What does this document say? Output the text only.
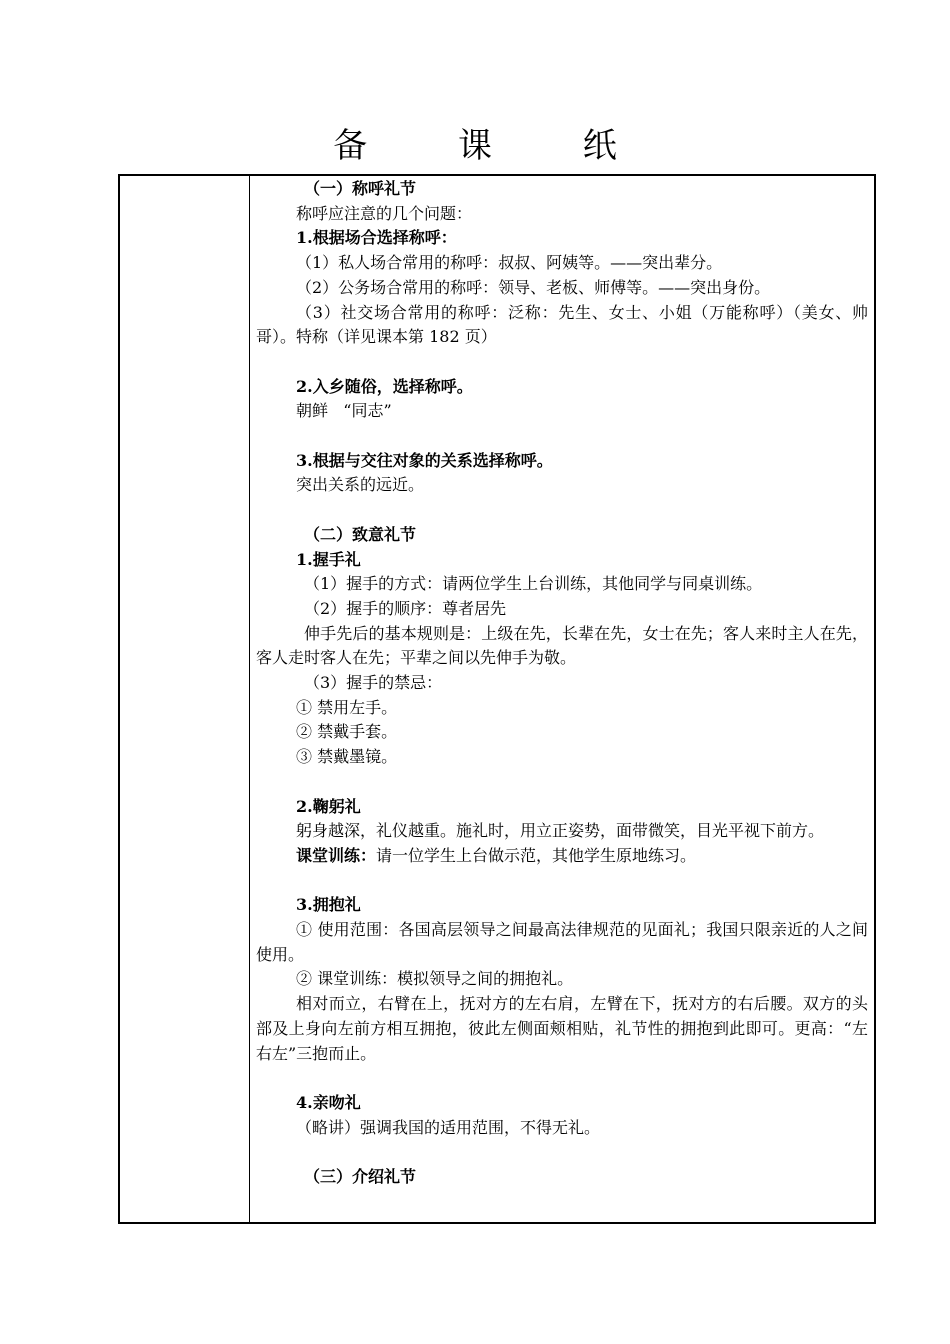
备 课 纸
（一）称呼礼节
称呼应注意的几个问题：
1.根据场合选择称呼：
（1）私人场合常用的称呼：叔叔、阿姨等。——突出辈分。
（2）公务场合常用的称呼：领导、老板、师傅等。——突出身份。
（3）社交场合常用的称呼：泛称：先生、女士、小姐（万能称呼）（美女、帅哥）。特称（详见课本第 182 页）
2.入乡随俗，选择称呼。
朝鲜   “同志”
3.根据与交往对象的关系选择称呼。
突出关系的远近。
（二）致意礼节
1.握手礼
（1）握手的方式：请两位学生上台训练，其他同学与同桌训练。
（2）握手的顺序：尊者居先
伸手先后的基本规则是：上级在先，长辈在先，女士在先；客人来时主人在先，客人走时客人在先；平辈之间以先伸手为敬。
（3）握手的禁忌：
① 禁用左手。
② 禁戴手套。
③ 禁戴墨镜。
2.鞠躬礼
躬身越深，礼仪越重。施礼时，用立正姿势，面带微笑，目光平视下前方。
课堂训练：请一位学生上台做示范，其他学生原地练习。
3.拥抱礼
① 使用范围：各国高层领导之间最高法律规范的见面礼；我国只限亲近的人之间使用。
② 课堂训练：模拟领导之间的拥抱礼。
相对而立，右臂在上，抚对方的左右肩，左臂在下，抚对方的右后腰。双方的头部及上身向左前方相互拥抱，彼此左侧面颊相贴，礼节性的拥抱到此即可。更高：“左右左”三抱而止。
4.亲吻礼
（略讲）强调我国的适用范围，不得无礼。
（三）介绍礼节
